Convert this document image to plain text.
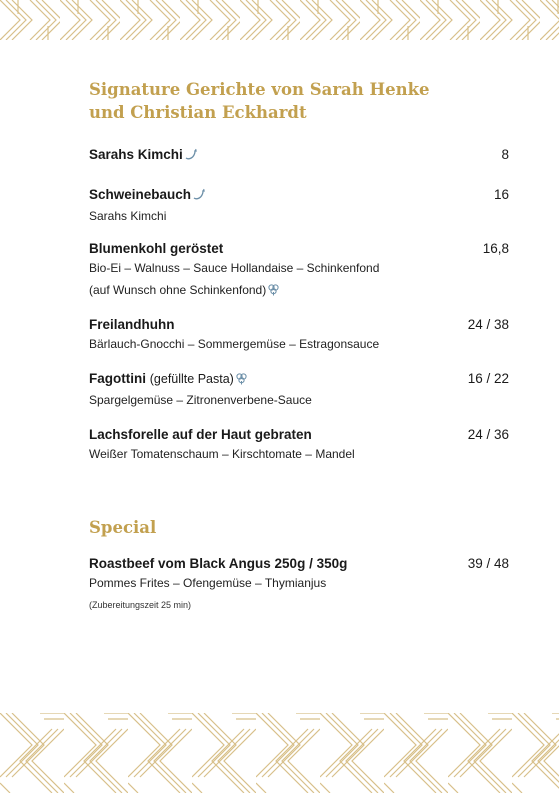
Signature Gerichte von Sarah Henke
und Christian Eckhardt
Sarahs Kimchi	8
Schweinebauch	16
Sarahs Kimchi
Blumenkohl geröstet	16,8
Bio-Ei – Walnuss – Sauce Hollandaise – Schinkenfond
(auf Wunsch ohne Schinkenfond)
Freilandhuhn	24 / 38
Bärlauch-Gnocchi – Sommergemüse – Estragonsauce
Fagottini (gefüllte Pasta)	16 / 22
Spargelgemüse – Zitronenverbene-Sauce
Lachsforelle auf der Haut gebraten	24 / 36
Weißer Tomatenschaum – Kirschtomate – Mandel
Special
Roastbeef vom Black Angus 250g / 350g	39 / 48
Pommes Frites – Ofengemüse – Thymianjus
(Zubereitungszeit 25 min)
